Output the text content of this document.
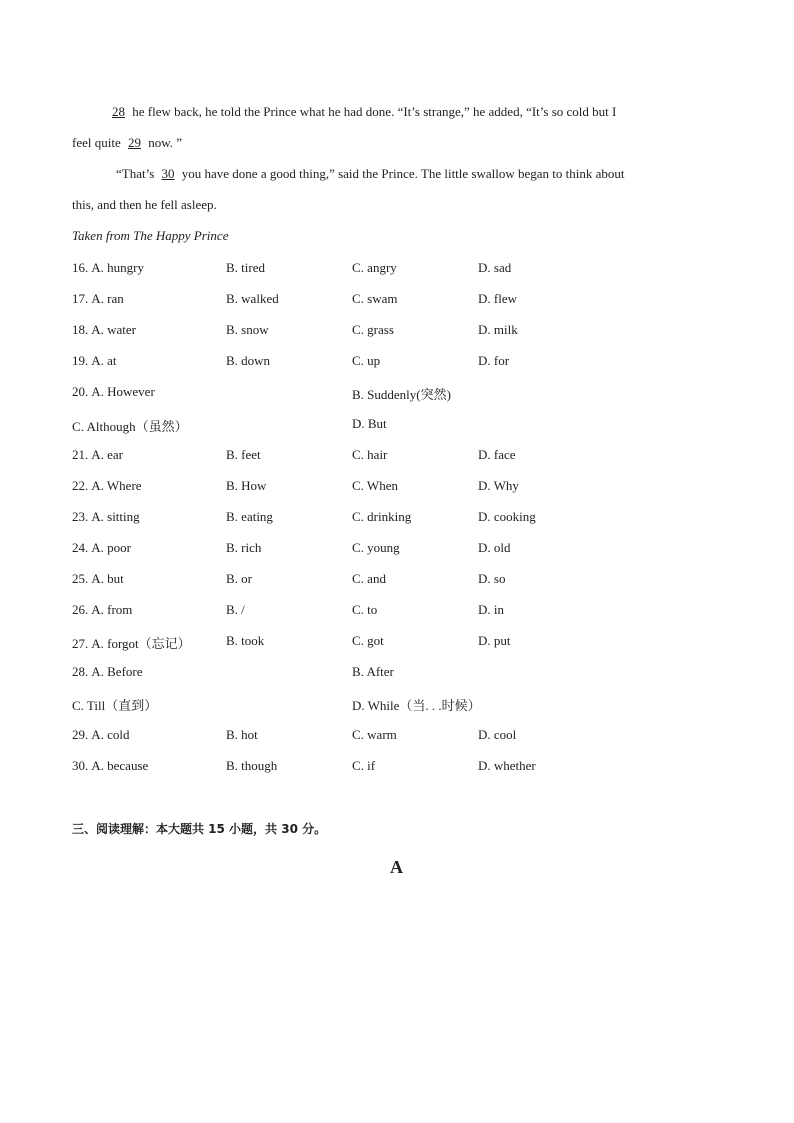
28 he flew back, he told the Prince what he had done. “It’s strange,” he added, “It’s so cold but I
feel quite 29 now. ”
“That’s 30 you have done a good thing,” said the Prince. The little swallow began to think about
this, and then he fell asleep.
Taken from The Happy Prince
16. A. hungry	B. tired	C. angry	D. sad
17. A. ran	B. walked	C. swam	D. flew
18. A. water	B. snow	C. grass	D. milk
19. A. at	B. down	C. up	D. for
20. A. However	B. Suddenly(突然)
C. Although（虽然）	D. But
21. A. ear	B. feet	C. hair	D. face
22. A. Where	B. How	C. When	D. Why
23. A. sitting	B. eating	C. drinking	D. cooking
24. A. poor	B. rich	C. young	D. old
25. A. but	B. or	C. and	D. so
26. A. from	B. /	C. to	D. in
27. A. forgot（忘记）	B. took	C. got	D. put
28. A. Before	B. After
C. Till（直到）	D. While（当. . .时候）
29. A. cold	B. hot	C. warm	D. cool
30. A. because	B. though	C. if	D. whether
三、阅读理解：本大题共 15 小题，共 30 分。
A
